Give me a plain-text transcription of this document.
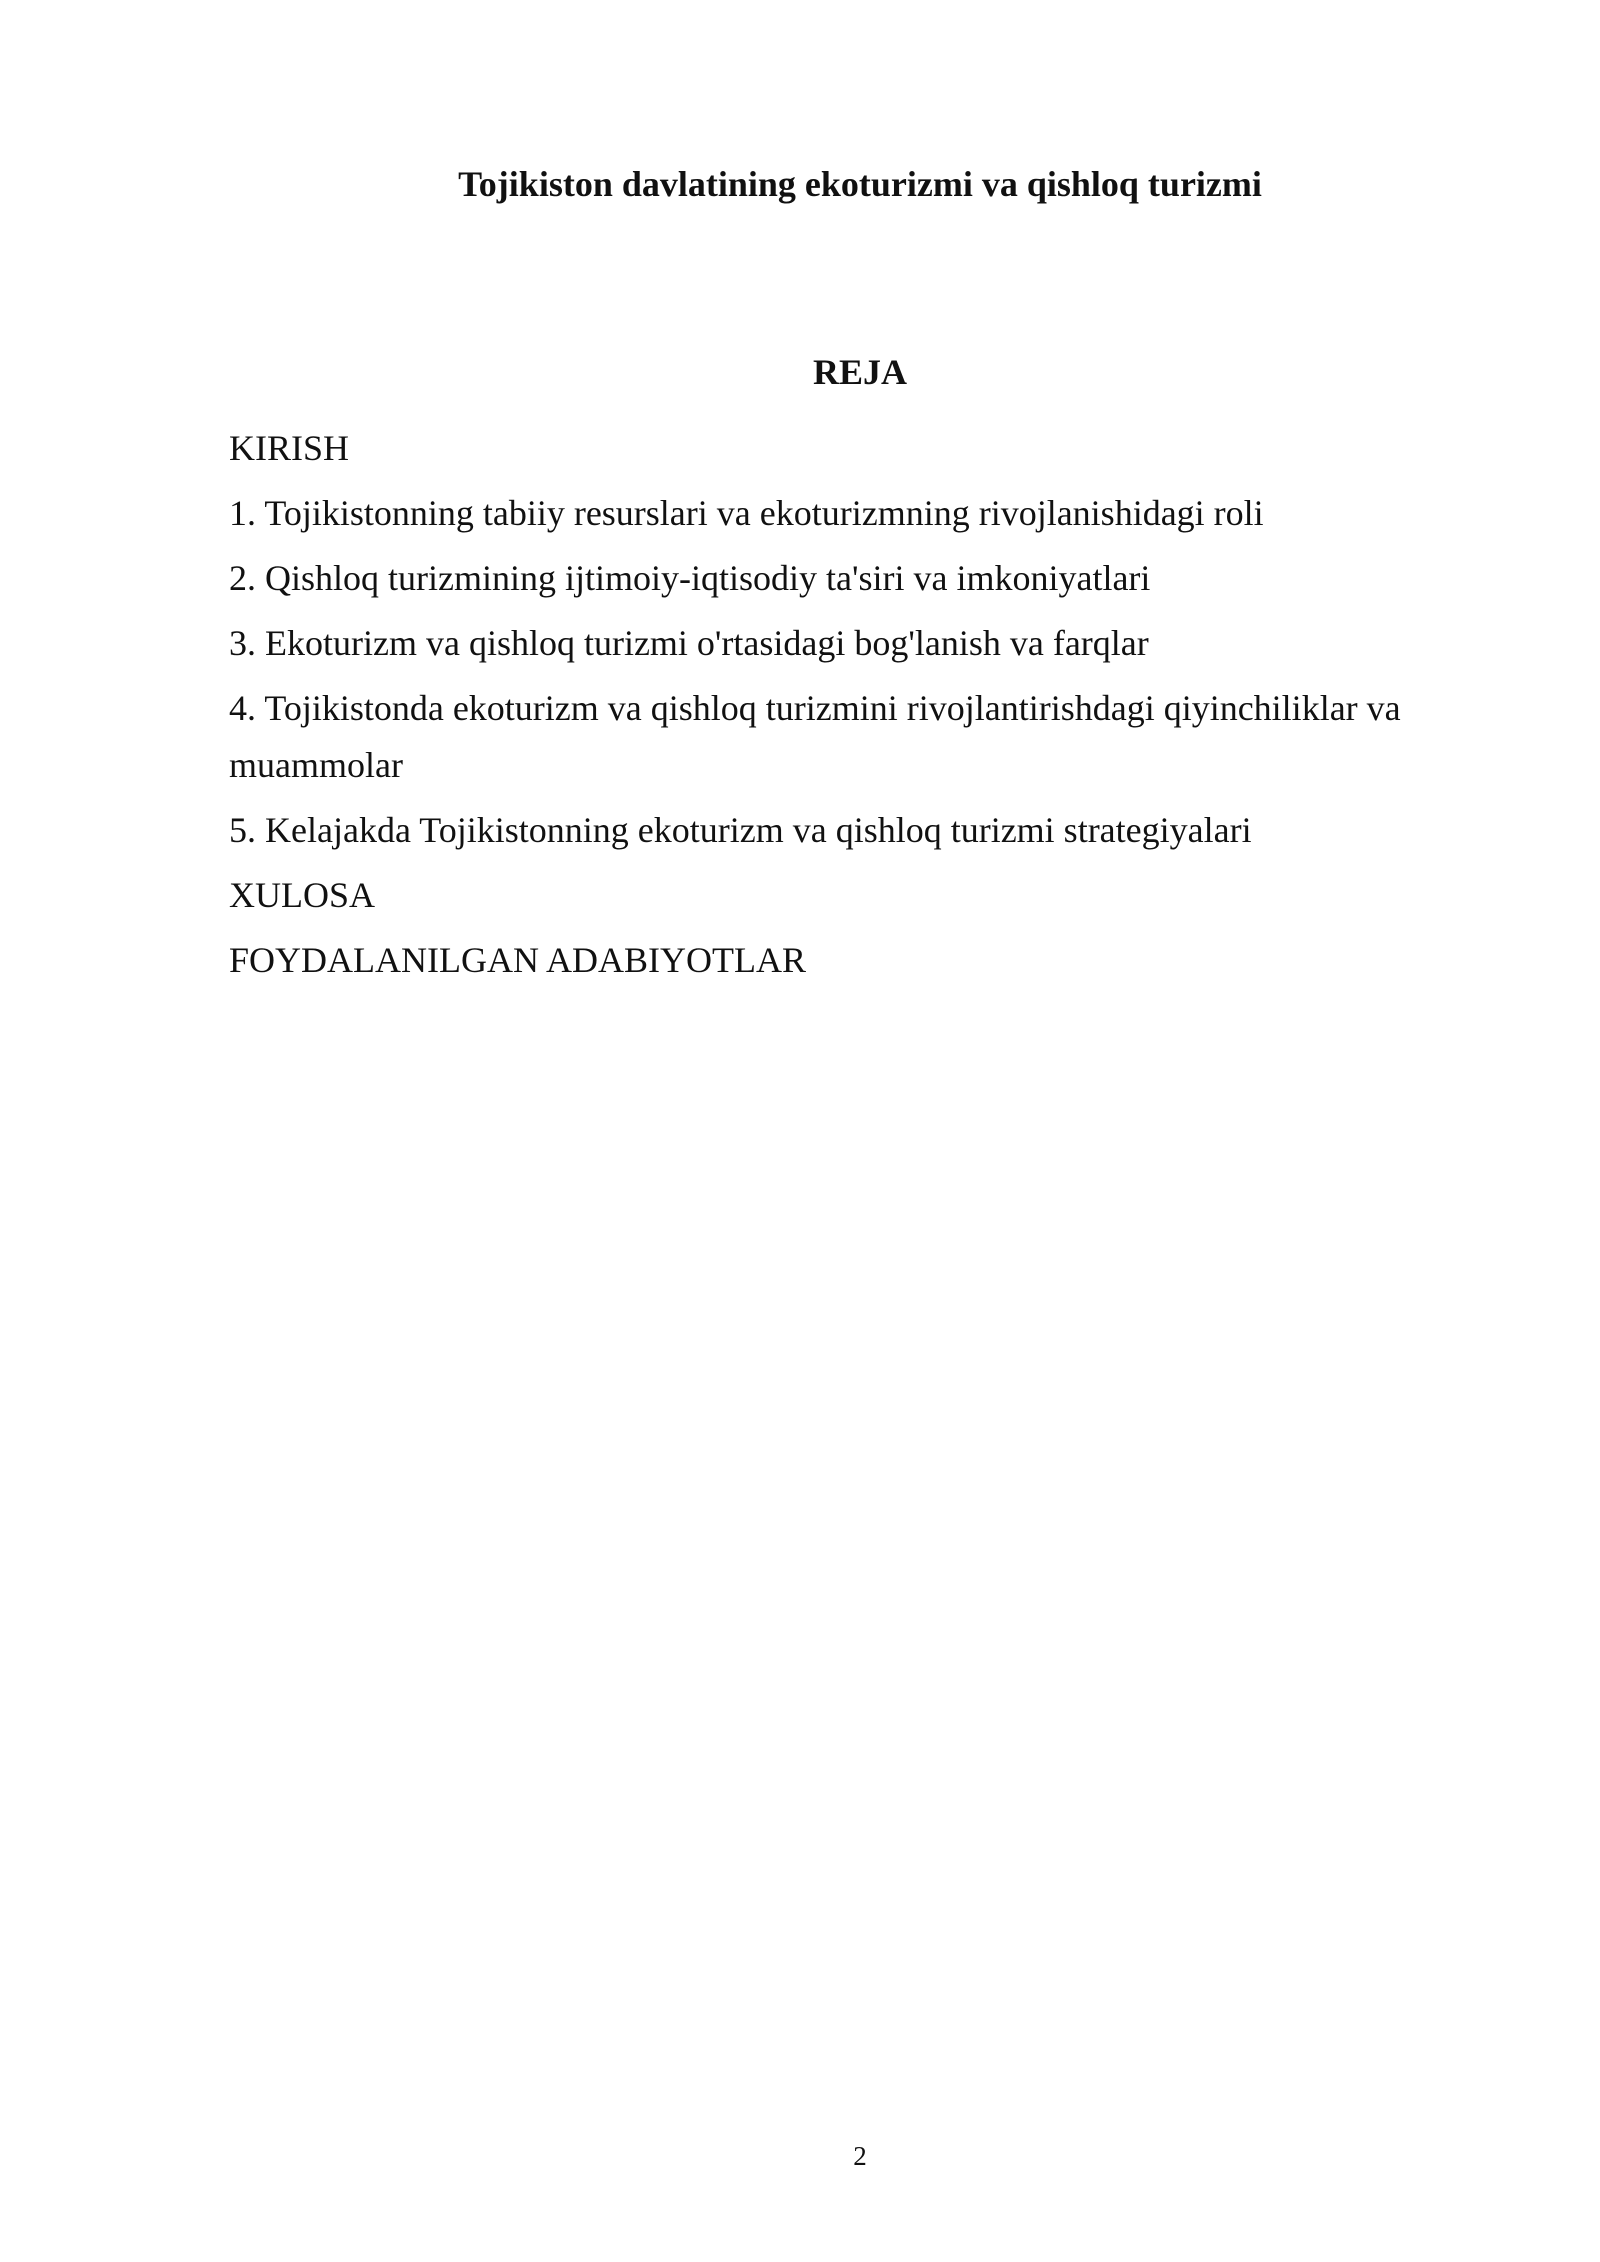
Tojikiston davlatining ekoturizmi va qishloq turizmi
REJA
KIRISH
1. Tojikistonning tabiiy resurslari va ekoturizmning rivojlanishidagi roli
2. Qishloq turizmining ijtimoiy-iqtisodiy ta'siri va imkoniyatlari
3. Ekoturizm va qishloq turizmi o'rtasidagi bog'lanish va farqlar
4. Tojikistonda ekoturizm va qishloq turizmini rivojlantirishdagi qiyinchiliklar va muammolar
5. Kelajakda Tojikistonning ekoturizm va qishloq turizmi strategiyalari
XULOSA
FOYDALANILGAN ADABIYOTLAR
2
